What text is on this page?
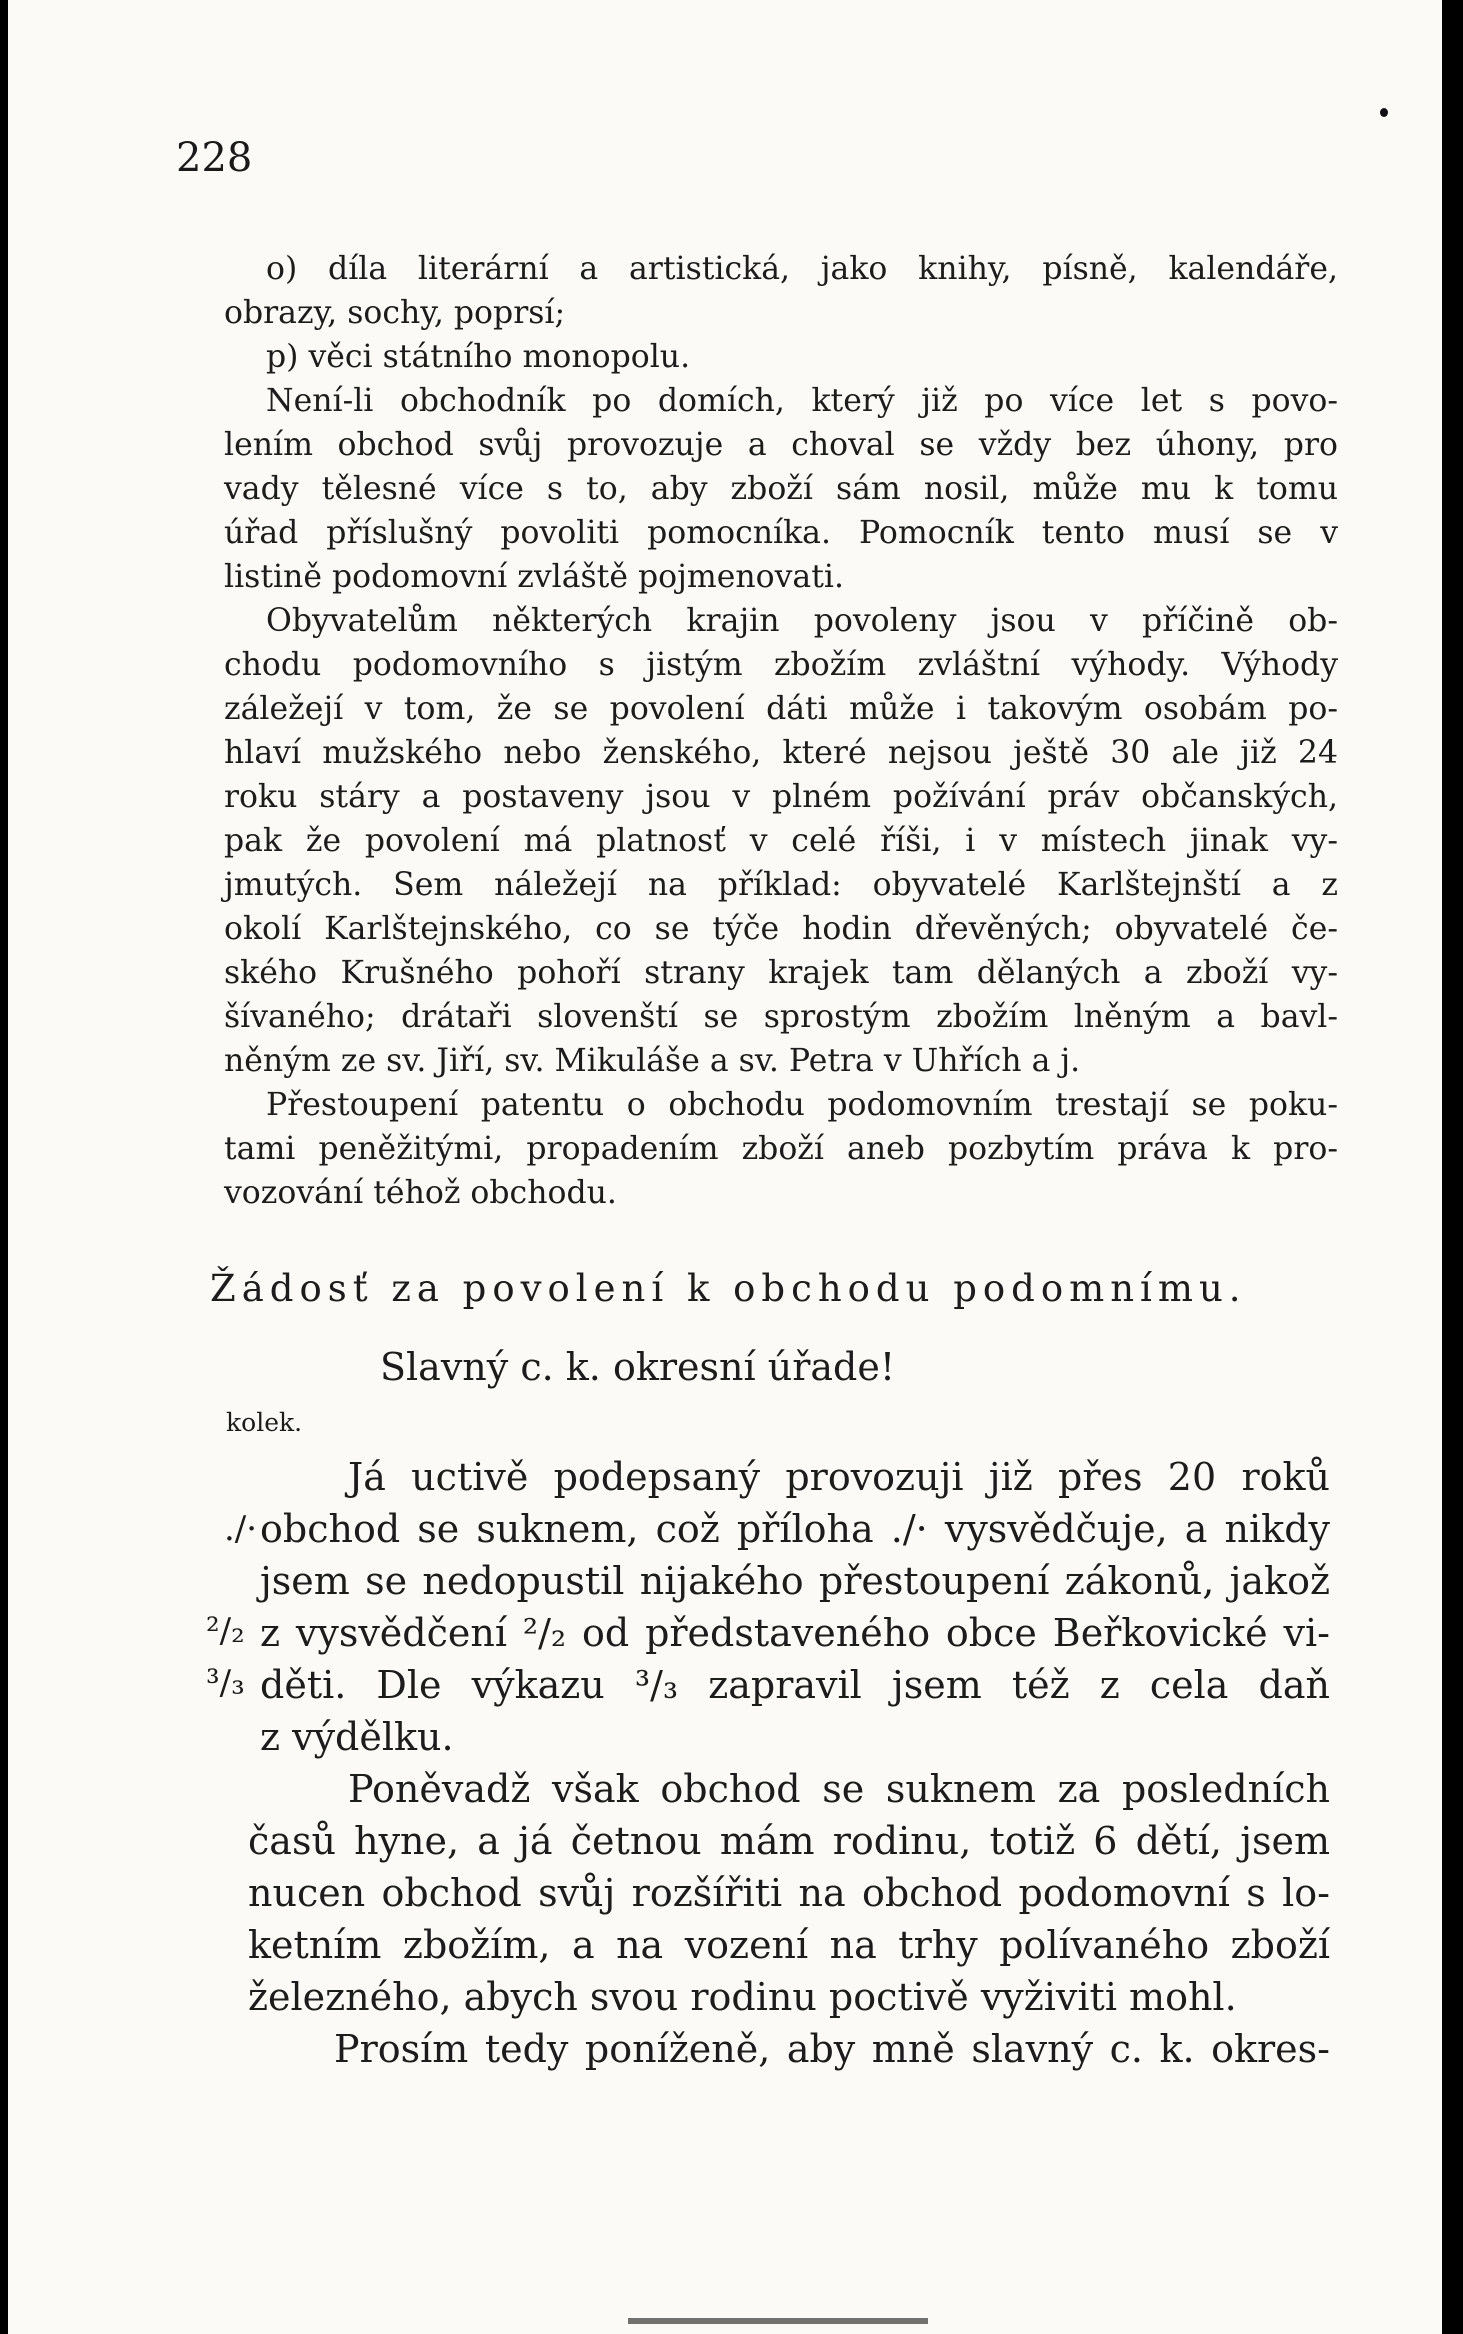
228
o) díla literární a artistická, jako knihy, písně, kalendáře,
obrazy, sochy, poprsí;
p) věci státního monopolu.
Není-li obchodník po domích, který již po více let s povo-
lením obchod svůj provozuje a choval se vždy bez úhony, pro
vady tělesné více s to, aby zboží sám nosil, může mu k tomu
úřad příslušný povoliti pomocníka. Pomocník tento musí se v
listině podomovní zvláště pojmenovati.
Obyvatelům některých krajin povoleny jsou v příčině ob-
chodu podomovního s jistým zbožím zvláštní výhody. Výhody
záležejí v tom, že se povolení dáti může i takovým osobám po-
hlaví mužského nebo ženského, které nejsou ještě 30 ale již 24
roku stáry a postaveny jsou v plném požívání práv občanských,
pak že povolení má platnosť v celé říši, i v místech jinak vy-
jmutých. Sem náležejí na příklad: obyvatelé Karlštejnští a z
okolí Karlštejnského, co se týče hodin dřevěných; obyvatelé če-
ského Krušného pohoří strany krajek tam dělaných a zboží vy-
šívaného; drátaři slovenští se sprostým zbožím lněným a bavl-
něným ze sv. Jiří, sv. Mikuláše a sv. Petra v Uhřích a j.
Přestoupení patentu o obchodu podomovním trestají se poku-
tami peněžitými, propadením zboží aneb pozbytím práva k pro-
vozování téhož obchodu.
Žádosť za povolení k obchodu podomnímu.
Slavný c. k. okresní úřade!
kolek.
./·
²/₂
³/₃
Já uctivě podepsaný provozuji již přes 20 roků
obchod se suknem, což příloha ./· vysvědčuje, a nikdy
jsem se nedopustil nijakého přestoupení zákonů, jakož
z vysvědčení ²/₂ od představeného obce Beřkovické vi-
děti. Dle výkazu ³/₃ zapravil jsem též z cela daň
z výdělku.
Poněvadž však obchod se suknem za posledních
časů hyne, a já četnou mám rodinu, totiž 6 dětí, jsem
nucen obchod svůj rozšířiti na obchod podomovní s lo-
ketním zbožím, a na vození na trhy polívaného zboží
železného, abych svou rodinu poctivě vyživiti mohl.
Prosím tedy poníženě, aby mně slavný c. k. okres-
